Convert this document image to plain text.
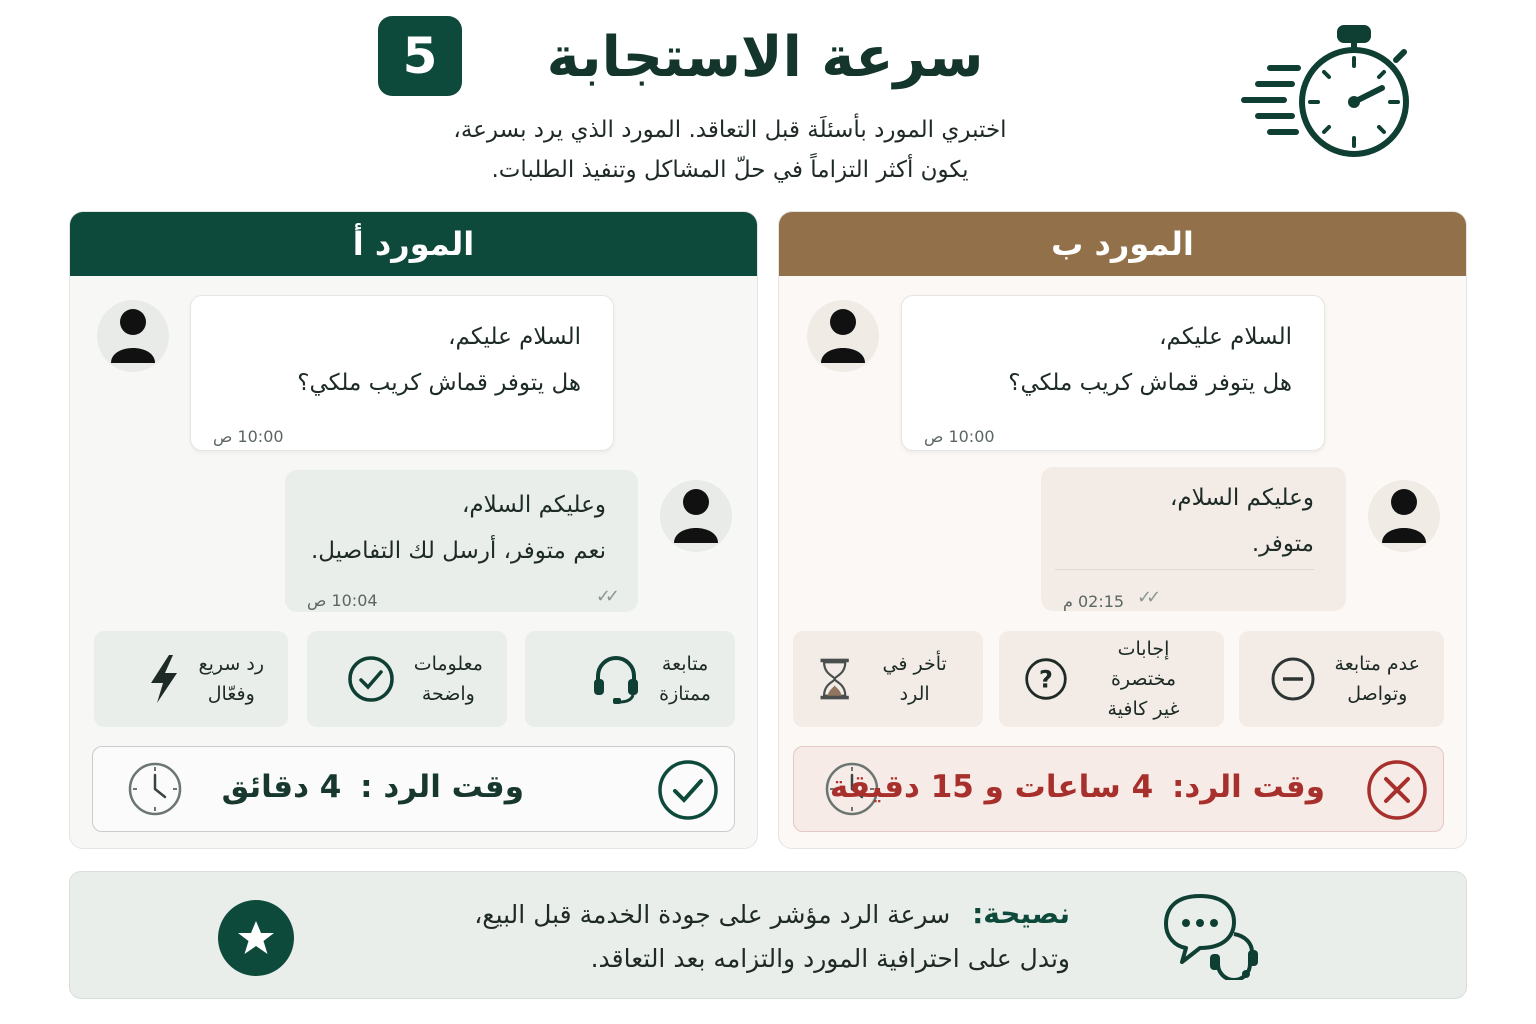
5	سرعة الاستجابة
اختبري المورد بأسئلَة قبل التعاقد. المورد الذي يرد بسرعة،
يكون أكثر التزاماً في حلّ المشاكل وتنفيذ الطلبات.
المورد أ
السلام عليكم،
هل يتوفر قماش كريب ملكي؟
10:00 ص
وعليكم السلام،
نعم متوفر، أرسل لك التفاصيل.
10:04 ص	✓✓
متابعة
ممتازة
معلومات
واضحة
رد سريع
وفعّال
وقت الرد : 4 دقائق
المورد ب
السلام عليكم،
هل يتوفر قماش كريب ملكي؟
10:00 ص
وعليكم السلام،
متوفر.
02:15 م ✓✓
عدم متابعة
وتواصل
إجابات مختصرة
غير كافية
?
تأخر في الرد
وقت الرد: 4 ساعات و 15 دقيقة
نصيحة: سرعة الرد مؤشر على جودة الخدمة قبل البيع،
وتدل على احترافية المورد والتزامه بعد التعاقد.
